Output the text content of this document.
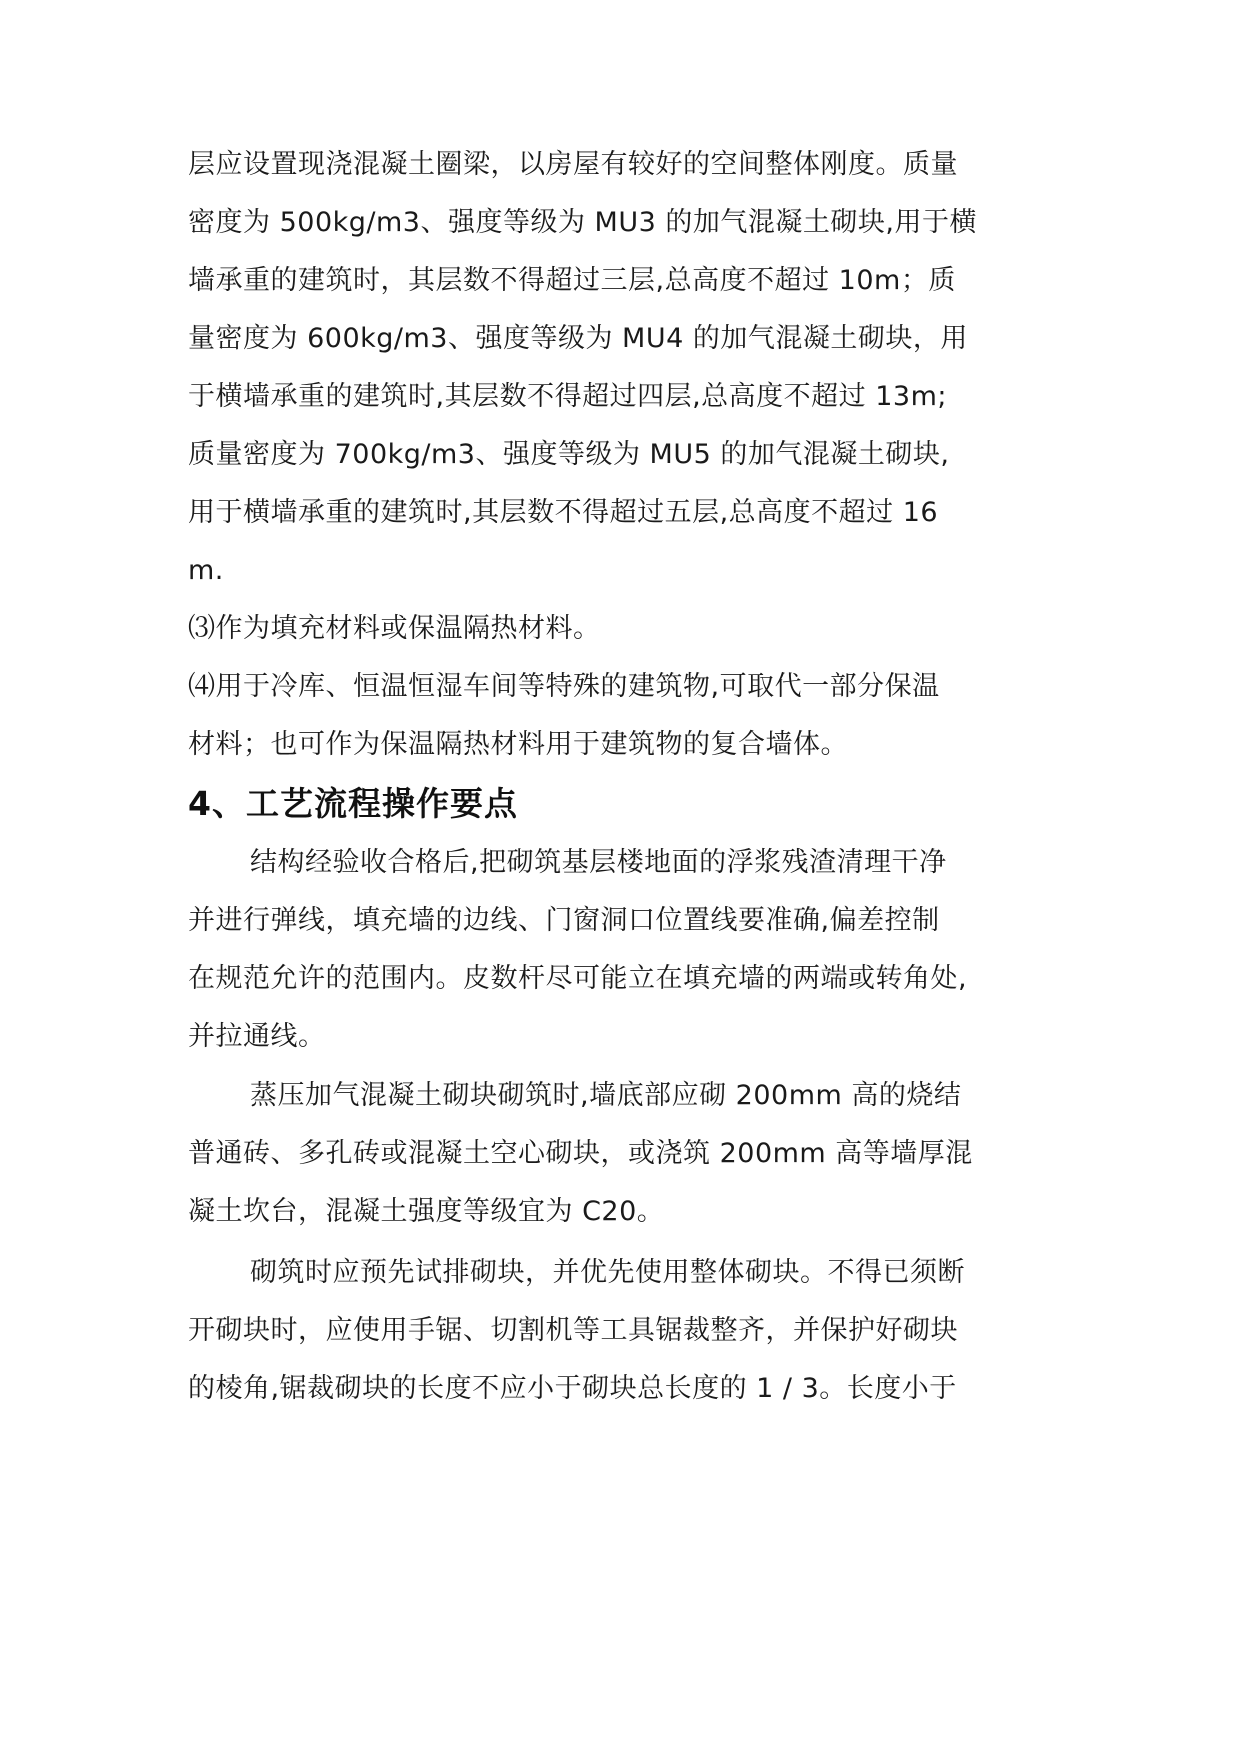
层应设置现浇混凝土圈梁，以房屋有较好的空间整体刚度。质量
密度为 500kg/m3、强度等级为 MU3 的加气混凝土砌块,用于横
墙承重的建筑时，其层数不得超过三层,总高度不超过 10m；质
量密度为 600kg/m3、强度等级为 MU4 的加气混凝土砌块，用
于横墙承重的建筑时,其层数不得超过四层,总高度不超过 13m;
质量密度为 700kg/m3、强度等级为 MU5 的加气混凝土砌块,
用于横墙承重的建筑时,其层数不得超过五层,总高度不超过 16
m.
⑶作为填充材料或保温隔热材料。
⑷用于冷库、恒温恒湿车间等特殊的建筑物,可取代一部分保温
材料；也可作为保温隔热材料用于建筑物的复合墙体。
4、工艺流程操作要点
结构经验收合格后,把砌筑基层楼地面的浮浆残渣清理干净
并进行弹线，填充墙的边线、门窗洞口位置线要准确,偏差控制
在规范允许的范围内。皮数杆尽可能立在填充墙的两端或转角处,
并拉通线。
蒸压加气混凝土砌块砌筑时,墙底部应砌 200mm 高的烧结
普通砖、多孔砖或混凝土空心砌块，或浇筑 200mm 高等墙厚混
凝土坎台，混凝土强度等级宜为 C20。
砌筑时应预先试排砌块，并优先使用整体砌块。不得已须断
开砌块时，应使用手锯、切割机等工具锯裁整齐，并保护好砌块
的棱角,锯裁砌块的长度不应小于砌块总长度的 1 / 3。长度小于
